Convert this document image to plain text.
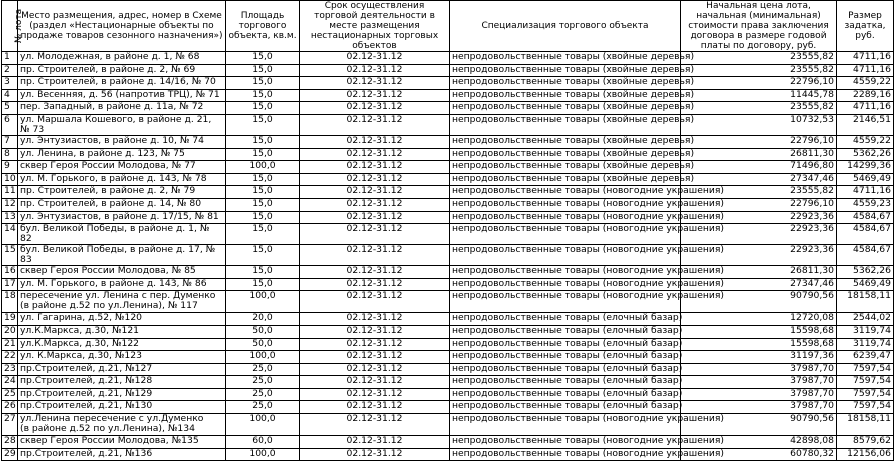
№ лота	Место размещения, адрес, номер в Схеме (раздел «Нестационарные объекты по продаже товаров сезонного назначения»)	Площадь торгового объекта, кв.м.	Срок осуществления торговой деятельности в месте размещения нестационарных торговых объектов	Специализация торгового объекта	Начальная цена лота, начальная (минимальная) стоимости права заключения договора в размере годовой платы по договору, руб.	Размер задатка, руб.
1	ул. Молодежная, в районе д. 1, № 68	15,0	02.12-31.12	непродовольственные товары (хвойные деревья)	23555,82	4711,16
2	пр. Строителей, в районе д. 2, № 69	15,0	02.12-31.12	непродовольственные товары (хвойные деревья)	23555,82	4711,16
3	пр. Строителей, в районе д. 14/16, № 70	15,0	02.12-31.12	непродовольственные товары (хвойные деревья)	22796,10	4559,22
4	ул. Весенняя, д. 56 (напротив ТРЦ), № 71	15,0	02.12-31.12	непродовольственные товары (хвойные деревья)	11445,78	2289,16
5	пер. Западный, в районе д. 11а, № 72	15,0	02.12-31.12	непродовольственные товары (хвойные деревья)	23555,82	4711,16
6	ул. Маршала Кошевого, в районе д. 21, № 73	15,0	02.12-31.12	непродовольственные товары (хвойные деревья)	10732,53	2146,51
7	ул. Энтузиастов, в районе д. 10, № 74	15,0	02.12-31.12	непродовольственные товары (хвойные деревья)	22796,10	4559,22
8	ул. Ленина, в районе д. 123, № 75	15,0	02.12-31.12	непродовольственные товары (хвойные деревья)	26811,30	5362,26
9	сквер Героя России Молодова, № 77	100,0	02.12-31.12	непродовольственные товары (хвойные деревья)	71496,80	14299,36
10	ул. М. Горького, в районе д. 143, № 78	15,0	02.12-31.12	непродовольственные товары (хвойные деревья)	27347,46	5469,49
11	пр. Строителей, в районе д. 2, № 79	15,0	02.12-31.12	непродовольственные товары (новогодние украшения)	23555,82	4711,16
12	пр. Строителей, в районе д. 14, № 80	15,0	02.12-31.12	непродовольственные товары (новогодние украшения)	22796,10	4559,23
13	ул. Энтузиастов, в районе д. 17/15, № 81	15,0	02.12-31.12	непродовольственные товары (новогодние украшения)	22923,36	4584,67
14	бул. Великой Победы, в районе д. 1, № 82	15,0	02.12-31.12	непродовольственные товары (новогодние украшения)	22923,36	4584,67
15	бул. Великой Победы, в районе д. 17, № 83	15,0	02.12-31.12	непродовольственные товары (новогодние украшения)	22923,36	4584,67
16	сквер Героя России Молодова, № 85	15,0	02.12-31.12	непродовольственные товары (новогодние украшения)	26811,30	5362,26
17	ул. М. Горького, в районе д. 143, № 86	15,0	02.12-31.12	непродовольственные товары (новогодние украшения)	27347,46	5469,49
18	пересечение ул. Ленина с пер. Думенко
(в районе д.52 по ул.Ленина), № 117	100,0	02.12-31.12	непродовольственные товары (новогодние украшения)	90790,56	18158,11
19	ул. Гагарина, д.52, №120	20,0	02.12-31.12	непродовольственные товары (елочный базар)	12720,08	2544,02
20	ул.К.Маркса, д.30, №121	50,0	02.12-31.12	непродовольственные товары (елочный базар)	15598,68	3119,74
21	ул.К.Маркса, д.30, №122	50,0	02.12-31.12	непродовольственные товары (елочный базар)	15598,68	3119,74
22	ул. К.Маркса, д.30, №123	100,0	02.12-31.12	непродовольственные товары (елочный базар)	31197,36	6239,47
23	пр.Строителей, д.21, №127	25,0	02.12-31.12	непродовольственные товары (елочный базар)	37987,70	7597,54
24	пр.Строителей, д.21, №128	25,0	02.12-31.12	непродовольственные товары (елочный базар)	37987,70	7597,54
25	пр.Строителей, д.21, №129	25,0	02.12-31.12	непродовольственные товары (елочный базар)	37987,70	7597,54
26	пр.Строителей, д.21, №130	25,0	02.12-31.12	непродовольственные товары (елочный базар)	37987,70	7597,54
27	ул.Ленина пересечение с ул.Думенко
(в районе д.52 по ул.Ленина), №134	100,0	02.12-31.12	непродовольственные товары (новогодние украшения)	90790,56	18158,11
28	сквер Героя России Молодова, №135	60,0	02.12-31.12	непродовольственные товары (новогодние украшения)	42898,08	8579,62
29	пр.Строителей, д.21, №136	100,0	02.12-31.12	непродовольственные товары (новогодние украшения)	60780,32	12156,06
